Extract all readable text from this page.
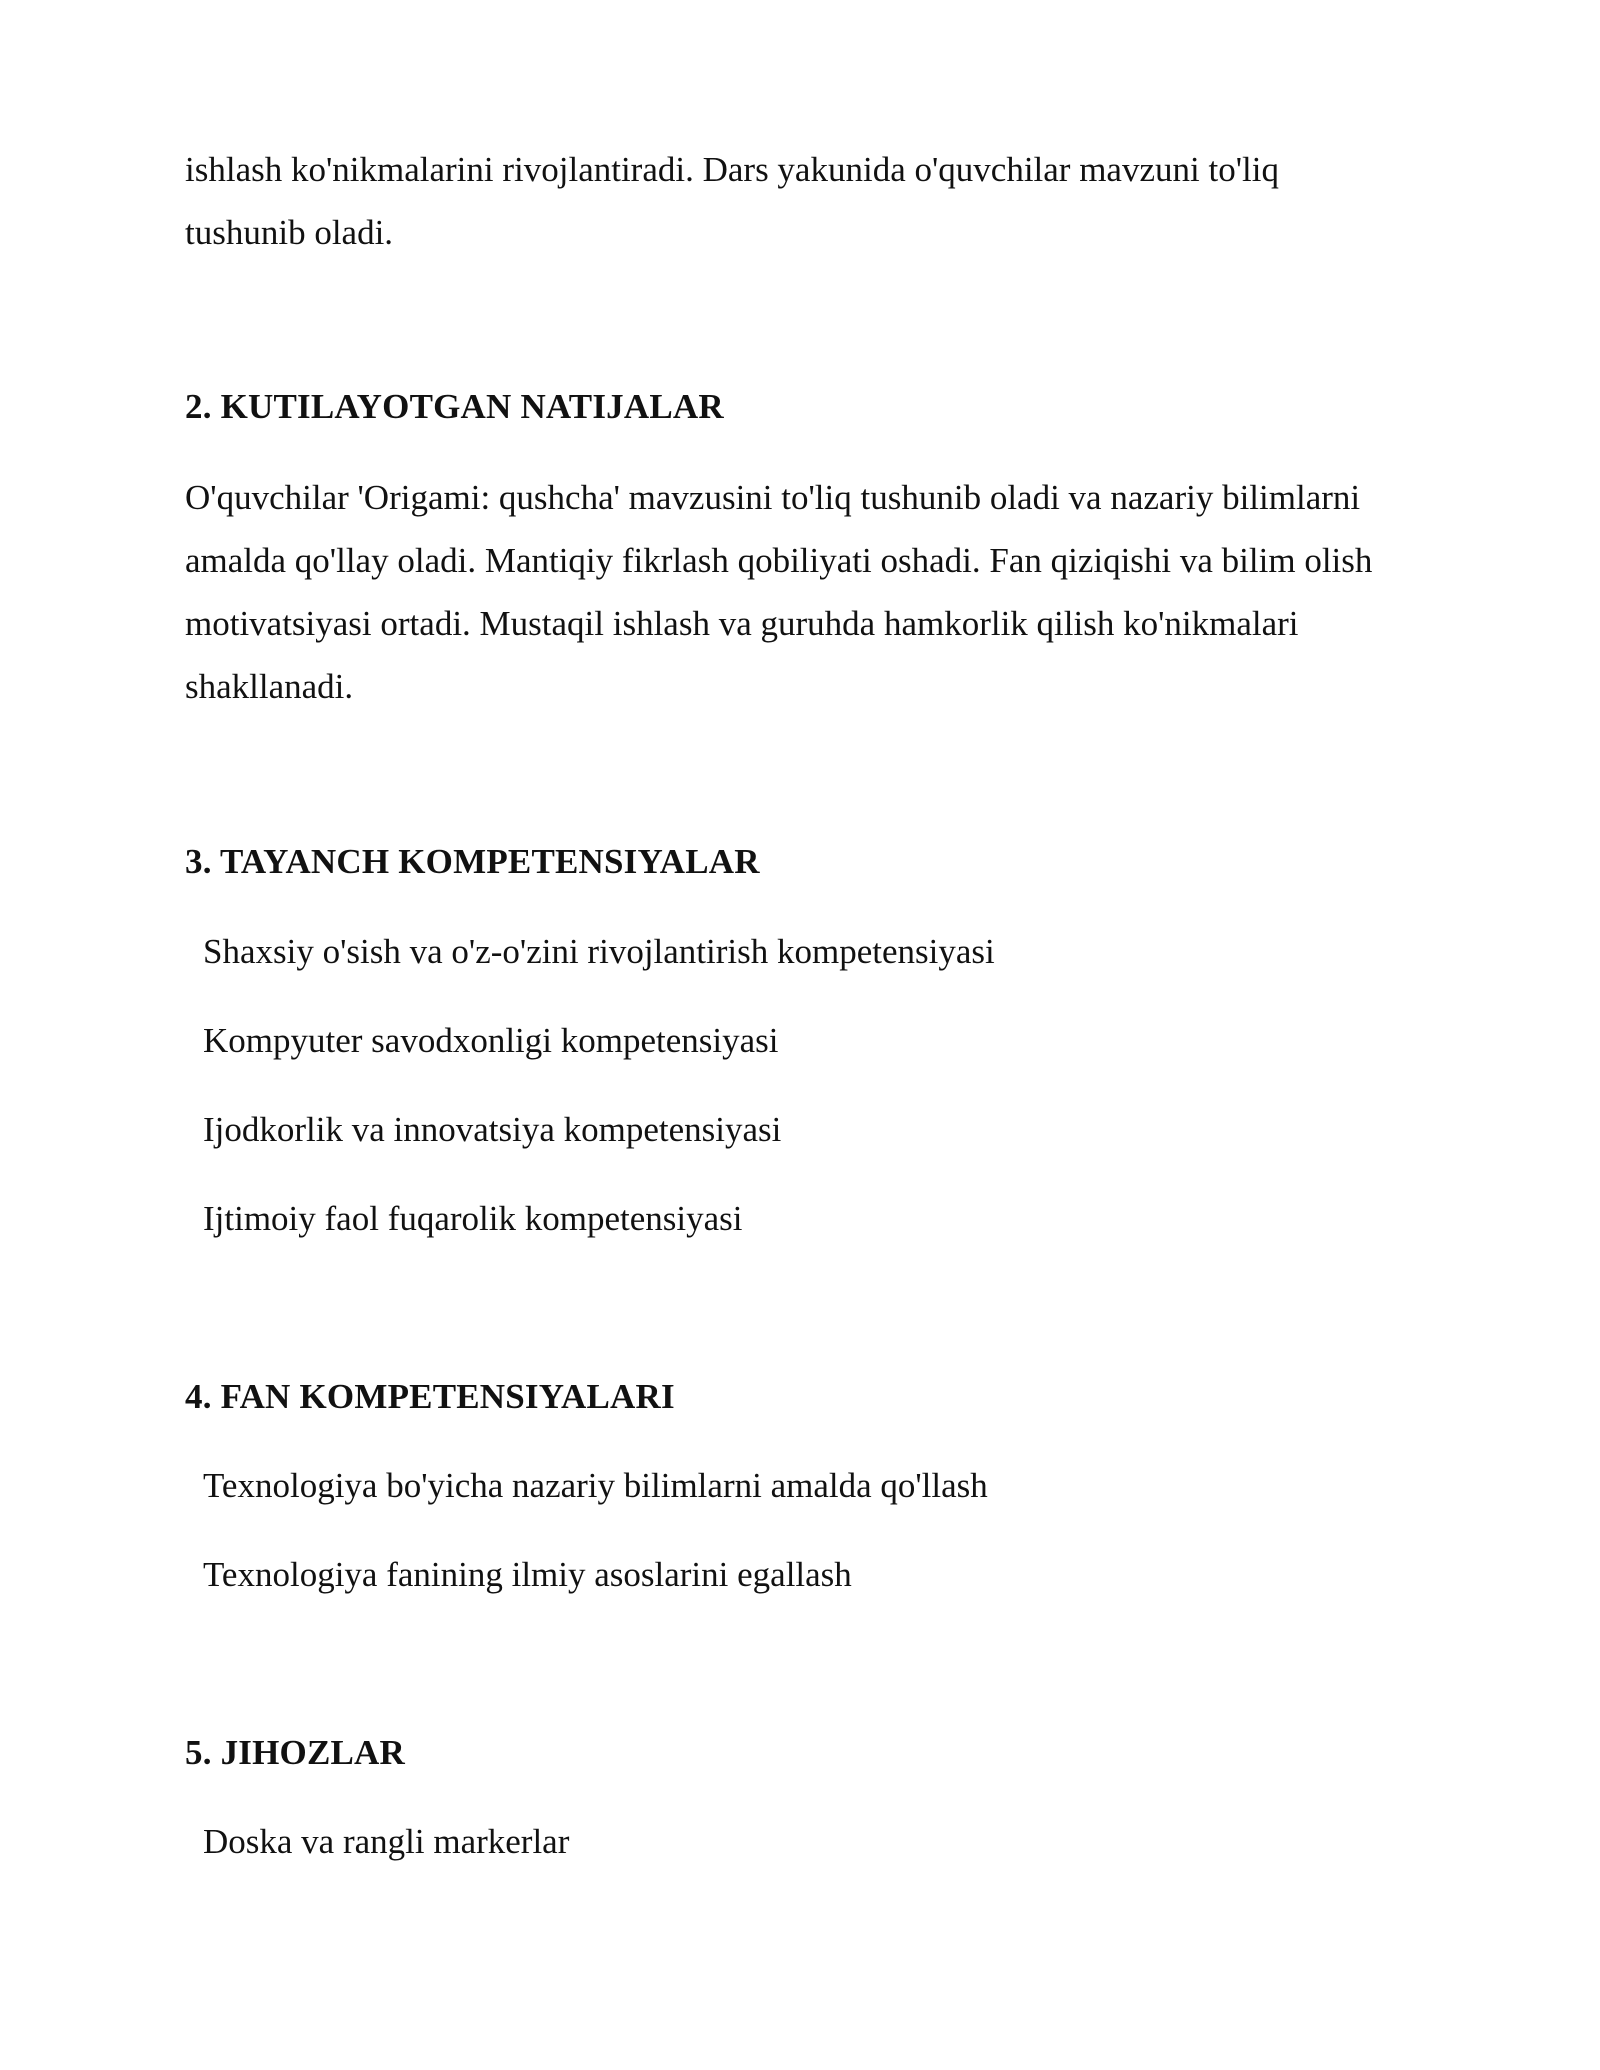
ishlash ko'nikmalarini rivojlantiradi. Dars yakunida o'quvchilar mavzuni to'liq tushunib oladi.

2. KUTILAYOTGAN NATIJALAR

O'quvchilar 'Origami: qushcha' mavzusini to'liq tushunib oladi va nazariy bilimlarni amalda qo'llay oladi. Mantiqiy fikrlash qobiliyati oshadi. Fan qiziqishi va bilim olish motivatsiyasi ortadi. Mustaqil ishlash va guruhda hamkorlik qilish ko'nikmalari shakllanadi.

3. TAYANCH KOMPETENSIYALAR

Shaxsiy o'sish va o'z-o'zini rivojlantirish kompetensiyasi

Kompyuter savodxonligi kompetensiyasi

Ijodkorlik va innovatsiya kompetensiyasi

Ijtimoiy faol fuqarolik kompetensiyasi

4. FAN KOMPETENSIYALARI

Texnologiya bo'yicha nazariy bilimlarni amalda qo'llash

Texnologiya fanining ilmiy asoslarini egallash

5. JIHOZLAR

Doska va rangli markerlar
